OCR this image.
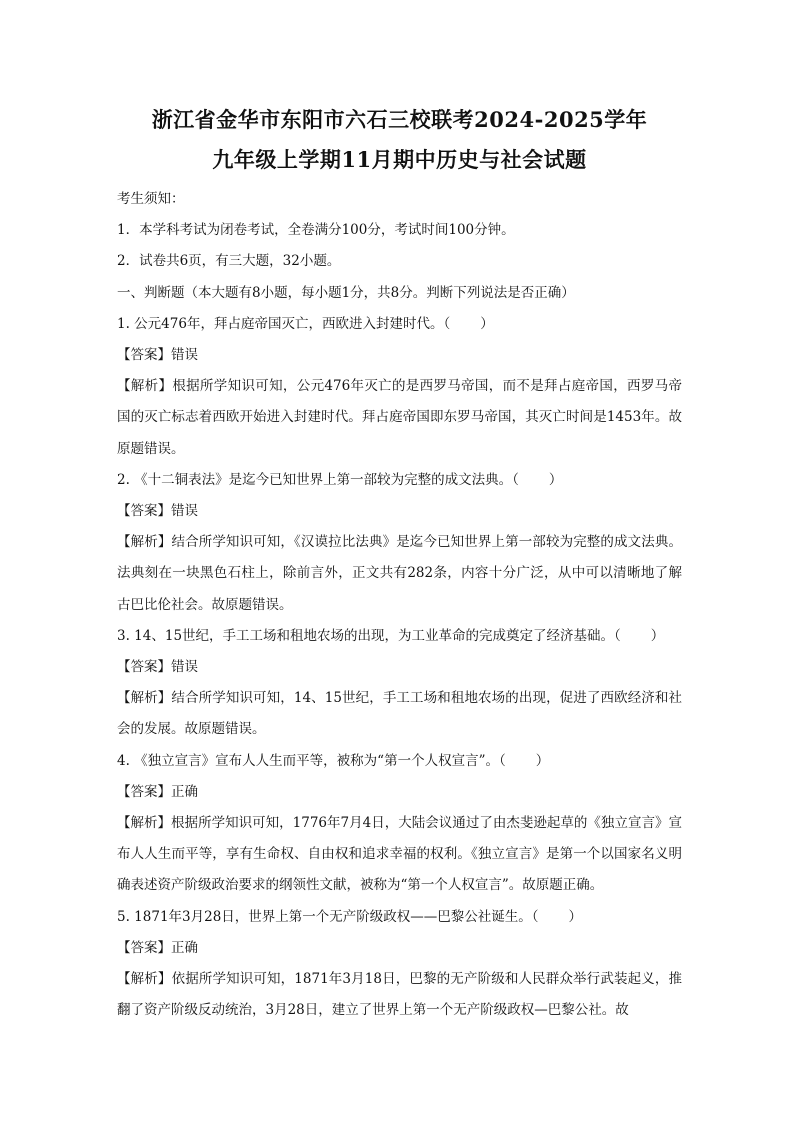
浙江省金华市东阳市六石三校联考2024-2025学年

九年级上学期11月期中历史与社会试题

考生须知：

1．本学科考试为闭卷考试，全卷满分100分，考试时间100分钟。

2．试卷共6页，有三大题，32小题。

一、判断题（本大题有8小题，每小题1分，共8分。判断下列说法是否正确）

1. 公元476年，拜占庭帝国灭亡，西欧进入封建时代。（ ）

【答案】错误

【解析】根据所学知识可知，公元476年灭亡的是西罗马帝国，而不是拜占庭帝国，西罗马帝国的灭亡标志着西欧开始进入封建时代。拜占庭帝国即东罗马帝国，其灭亡时间是1453年。故原题错误。

2. 《十二铜表法》是迄今已知世界上第一部较为完整的成文法典。（ ）

【答案】错误

【解析】结合所学知识可知，《汉谟拉比法典》是迄今已知世界上第一部较为完整的成文法典。法典刻在一块黑色石柱上，除前言外，正文共有282条，内容十分广泛，从中可以清晰地了解古巴比伦社会。故原题错误。

3. 14、15世纪，手工工场和租地农场的出现，为工业革命的完成奠定了经济基础。（ ）

【答案】错误

【解析】结合所学知识可知，14、15世纪，手工工场和租地农场的出现，促进了西欧经济和社会的发展。故原题错误。

4. 《独立宣言》宣布人人生而平等，被称为“第一个人权宣言”。（ ）

【答案】正确

【解析】根据所学知识可知，1776年7月4日，大陆会议通过了由杰斐逊起草的《独立宣言》宣布人人生而平等，享有生命权、自由权和追求幸福的权利。《独立宣言》是第一个以国家名义明确表述资产阶级政治要求的纲领性文献，被称为“第一个人权宣言”。故原题正确。

5. 1871年3月28日，世界上第一个无产阶级政权——巴黎公社诞生。（ ）

【答案】正确

【解析】依据所学知识可知，1871年3月18日，巴黎的无产阶级和人民群众举行武装起义，推翻了资产阶级反动统治，3月28日，建立了世界上第一个无产阶级政权—巴黎公社。故
